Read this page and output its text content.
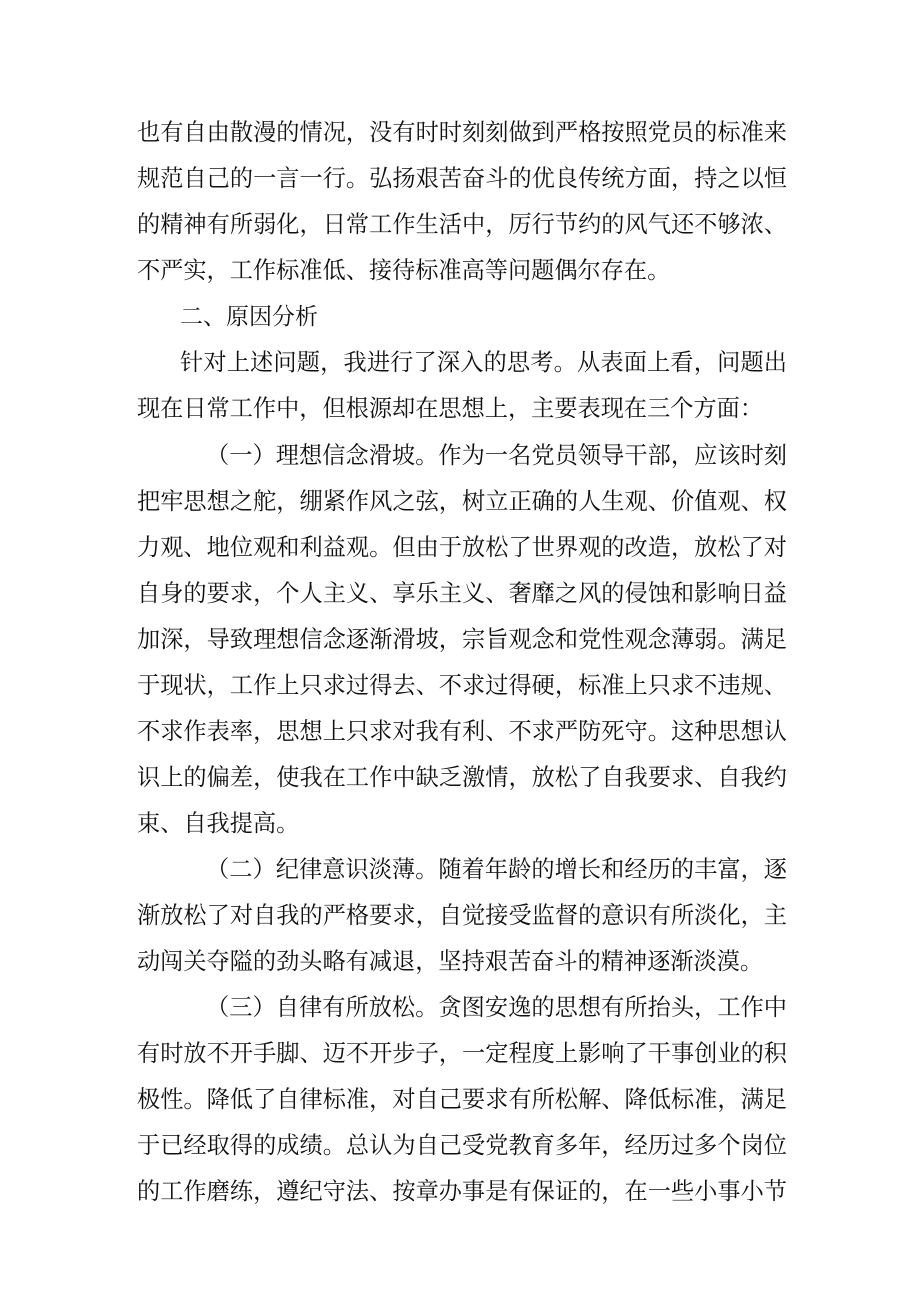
也有自由散漫的情况，没有时时刻刻做到严格按照党员的标准来
规范自己的一言一行。弘扬艰苦奋斗的优良传统方面，持之以恒
的精神有所弱化，日常工作生活中，厉行节约的风气还不够浓、
不严实，工作标准低、接待标准高等问题偶尔存在。
二、原因分析
针对上述问题，我进行了深入的思考。从表面上看，问题出
现在日常工作中，但根源却在思想上，主要表现在三个方面：
（一）理想信念滑坡。作为一名党员领导干部，应该时刻
把牢思想之舵，绷紧作风之弦，树立正确的人生观、价值观、权
力观、地位观和利益观。但由于放松了世界观的改造，放松了对
自身的要求，个人主义、享乐主义、奢靡之风的侵蚀和影响日益
加深，导致理想信念逐渐滑坡，宗旨观念和党性观念薄弱。满足
于现状，工作上只求过得去、不求过得硬，标准上只求不违规、
不求作表率，思想上只求对我有利、不求严防死守。这种思想认
识上的偏差，使我在工作中缺乏激情，放松了自我要求、自我约
束、自我提高。
（二）纪律意识淡薄。随着年龄的增长和经历的丰富，逐
渐放松了对自我的严格要求，自觉接受监督的意识有所淡化，主
动闯关夺隘的劲头略有减退，坚持艰苦奋斗的精神逐渐淡漠。
（三）自律有所放松。贪图安逸的思想有所抬头，工作中
有时放不开手脚、迈不开步子，一定程度上影响了干事创业的积
极性。降低了自律标准，对自己要求有所松解、降低标准，满足
于已经取得的成绩。总认为自己受党教育多年，经历过多个岗位
的工作磨练，遵纪守法、按章办事是有保证的，在一些小事小节
